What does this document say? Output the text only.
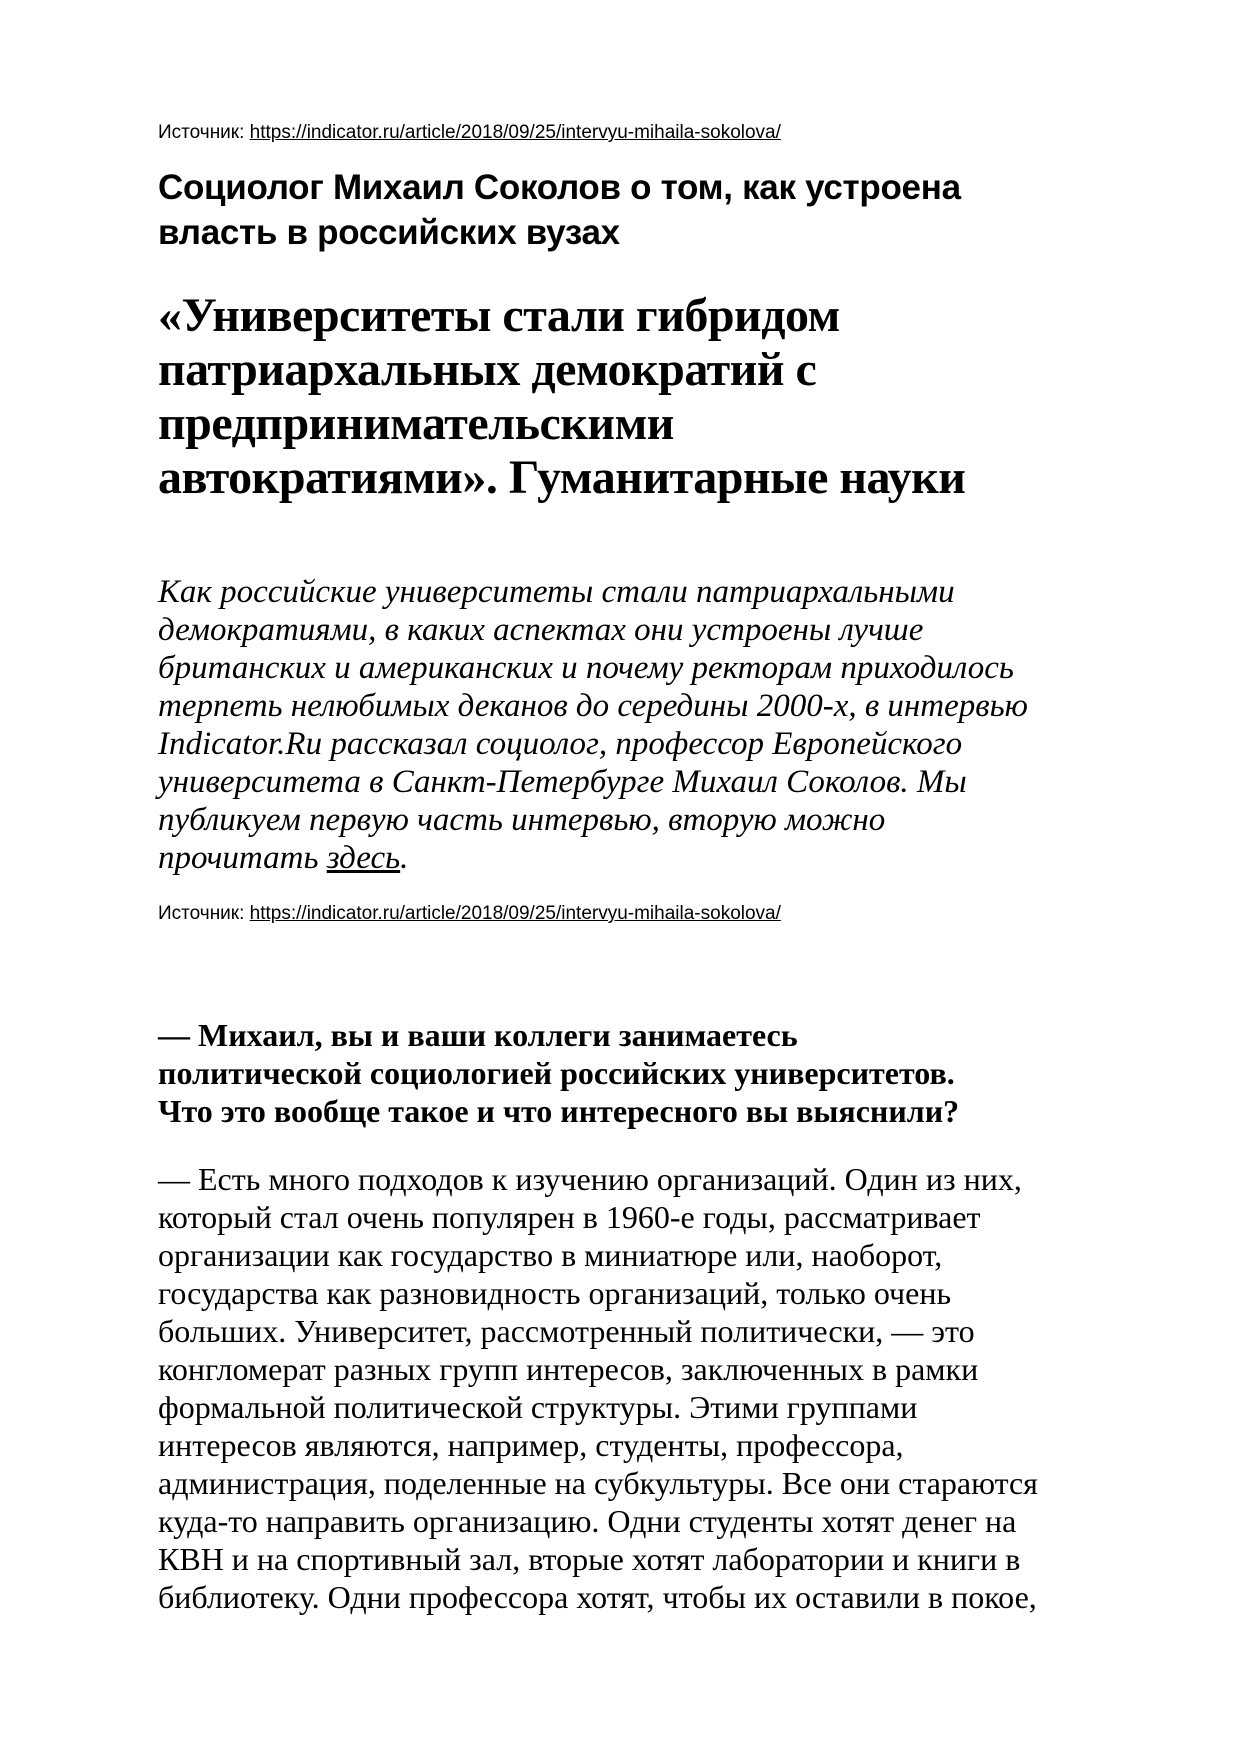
Источник: https://indicator.ru/article/2018/09/25/intervyu-mihaila-sokolova/
Социолог Михаил Соколов о том, как устроена
власть в российских вузах
«Университеты стали гибридом
патриархальных демократий с
предпринимательскими
автократиями». Гуманитарные науки
Как российские университеты стали патриархальными
демократиями, в каких аспектах они устроены лучше
британских и американских и почему ректорам приходилось
терпеть нелюбимых деканов до середины 2000-х, в интервью
Indicator.Ru рассказал социолог, профессор Европейского
университета в Санкт-Петербурге Михаил Соколов. Мы
публикуем первую часть интервью, вторую можно
прочитать здесь.
Источник: https://indicator.ru/article/2018/09/25/intervyu-mihaila-sokolova/
— Михаил, вы и ваши коллеги занимаетесь
политической социологией российских университетов.
Что это вообще такое и что интересного вы выяснили?
— Есть много подходов к изучению организаций. Один из них,
который стал очень популярен в 1960-е годы, рассматривает
организации как государство в миниатюре или, наоборот,
государства как разновидность организаций, только очень
больших. Университет, рассмотренный политически, — это
конгломерат разных групп интересов, заключенных в рамки
формальной политической структуры. Этими группами
интересов являются, например, студенты, профессора,
администрация, поделенные на субкультуры. Все они стараются
куда-то направить организацию. Одни студенты хотят денег на
КВН и на спортивный зал, вторые хотят лаборатории и книги в
библиотеку. Одни профессора хотят, чтобы их оставили в покое,
